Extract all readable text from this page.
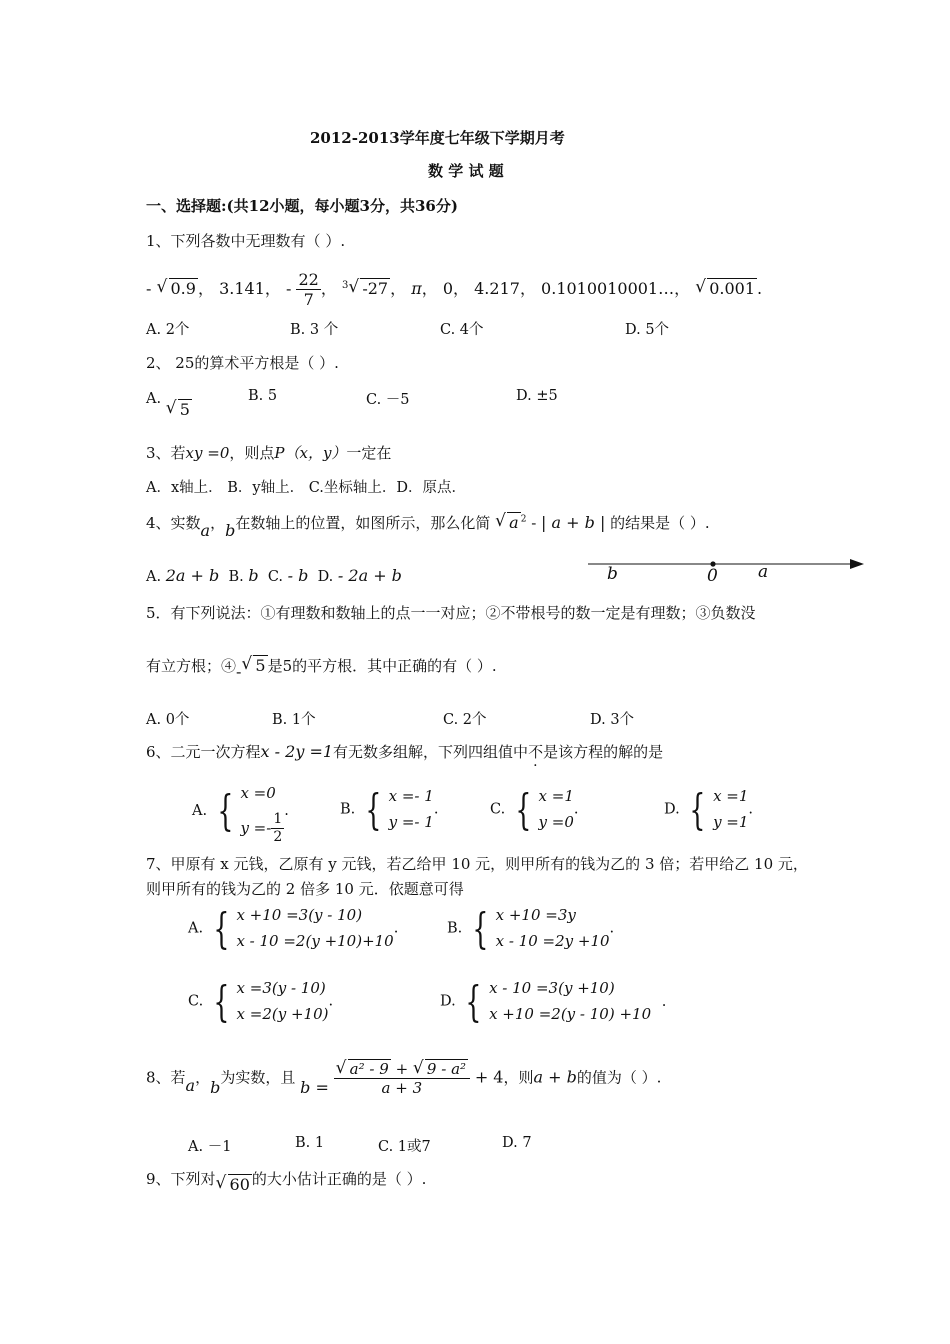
2012-2013学年度七年级下学期月考
数 学 试 题
一、选择题:(共12小题，每小题3分，共36分)
1、下列各数中无理数有（ ）.
- √ 0.9 ， 3.141， - $\frac{22}{7}$ ， $^3$ √ -27 ， π， 0， 4.217， 0.1010010001…， √ 0.001 .
A. 2个	B. 3 个	C. 4个	D. 5个
2、 25的算术平方根是（ ）.
A. √ 5
B. 5	C. －5	D. ±5
3、若xy =0，则点P（x，y）一定在
A．x轴上． B．y轴上． C.坐标轴上．D．原点．
4、实数a，b在数轴上的位置，如图所示，那么化简 √ a $^2$ - | a + b | 的结果是（ ）.
A. 2a + b B. b C. - b D. - 2a + b	b	0 a
5．有下列说法：①有理数和数轴上的点一一对应；②不带根号的数一定是有理数；③负数没
有立方根；④- √ 5 是5的平方根．其中正确的有（ ）.
A. 0个	B. 1个	C. 2个	D. 3个
6、二元一次方程x - 2y =1有无数多组解，下列四组值中不是该方程的解的是
A. { x =0
$y =- \frac{1}{2}$
.	B. { x =- 1
y =- 1
.	C. { x =1
y =0
.	D. { x =1
y =1
.
7、甲原有 x 元钱，乙原有 y 元钱，若乙给甲 10 元，则甲所有的钱为乙的 3 倍；若甲给乙 10 元，
则甲所有的钱为乙的 2 倍多 10 元．依题意可得
A. { x +10 =3(y - 10)
x - 10 =2(y +10)+10
.	B. { x +10 =3y
x - 10 =2y +10
.
C. { x =3(y - 10)
x =2(y +10)
.	D. { x - 10 =3(y +10)
x +10 =2(y - 10) +10
.
8、若a，b为实数，且 $b = \frac{\text{√ a² - 9 + √ 9 - a²}}{a + 3} + 4$，则a + b的值为（ ）.
A. －1	B. 1	C. 1或7	D. 7
9、下列对 √ 60 的大小估计正确的是（ ）.
